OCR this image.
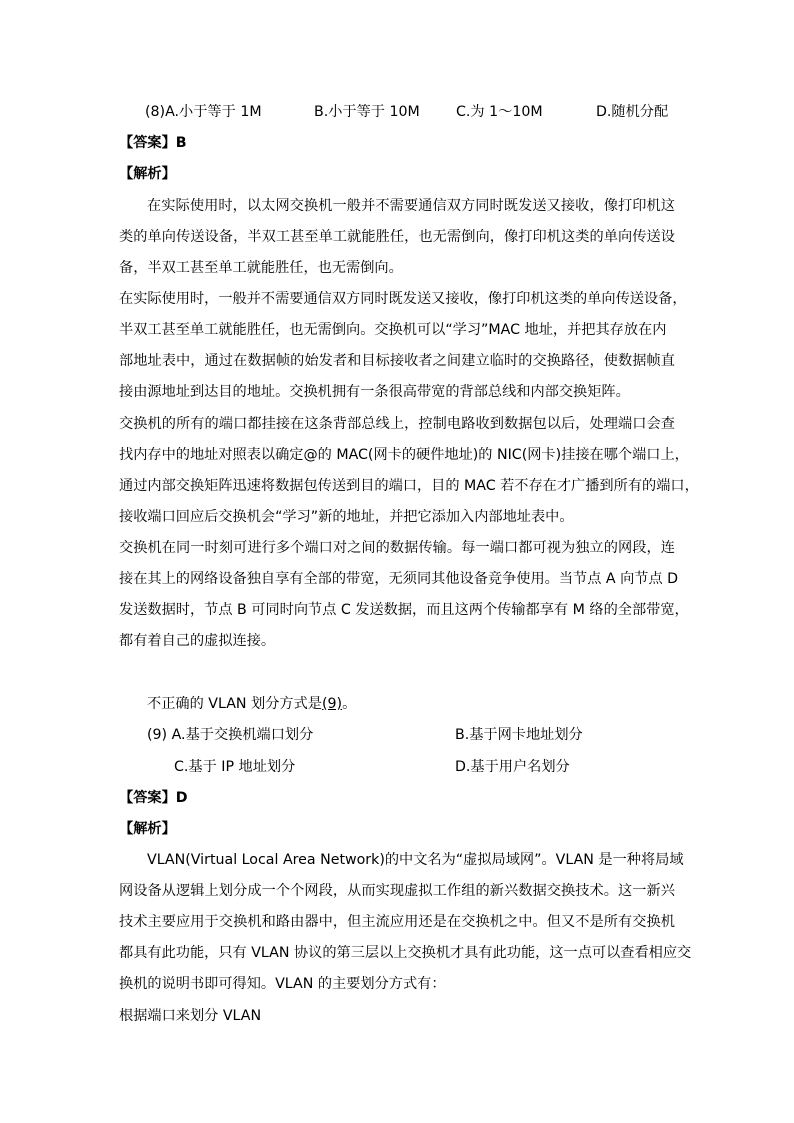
(8)A.小于等于 1M	B.小于等于 10M	C.为 1～10M	D.随机分配
【答案】B
【解析】
在实际使用时，以太网交换机一般并不需要通信双方同时既发送又接收，像打印机这
类的单向传送设备，半双工甚至单工就能胜任，也无需倒向，像打印机这类的单向传送设
备，半双工甚至单工就能胜任，也无需倒向。
在实际使用时，一般并不需要通信双方同时既发送又接收，像打印机这类的单向传送设备，
半双工甚至单工就能胜任，也无需倒向。交换机可以“学习”MAC 地址，并把其存放在内
部地址表中，通过在数据帧的始发者和目标接收者之间建立临时的交换路径，使数据帧直
接由源地址到达目的地址。交换机拥有一条很高带宽的背部总线和内部交换矩阵。
交换机的所有的端口都挂接在这条背部总线上，控制电路收到数据包以后，处理端口会查
找内存中的地址对照表以确定@的 MAC(网卡的硬件地址)的 NIC(网卡)挂接在哪个端口上，
通过内部交换矩阵迅速将数据包传送到目的端口，目的 MAC 若不存在才广播到所有的端口，
接收端口回应后交换机会“学习”新的地址，并把它添加入内部地址表中。
交换机在同一时刻可进行多个端口对之间的数据传输。每一端口都可视为独立的网段，连
接在其上的网络设备独自享有全部的带宽，无须同其他设备竞争使用。当节点 A 向节点 D
发送数据时，节点 B 可同时向节点 C 发送数据，而且这两个传输都享有 M 络的全部带宽，
都有着自己的虚拟连接。
不正确的 VLAN 划分方式是(9)。
(9) A.基于交换机端口划分	B.基于网卡地址划分
C.基于 IP 地址划分	D.基于用户名划分
【答案】D
【解析】
VLAN(Virtual Local Area Network)的中文名为“虚拟局域网”。VLAN 是一种将局域
网设备从逻辑上划分成一个个网段，从而实现虚拟工作组的新兴数据交换技术。这一新兴
技术主要应用于交换机和路由器中，但主流应用还是在交换机之中。但又不是所有交换机
都具有此功能，只有 VLAN 协议的第三层以上交换机才具有此功能，这一点可以查看相应交
换机的说明书即可得知。VLAN 的主要划分方式有：
根据端口来划分 VLAN
